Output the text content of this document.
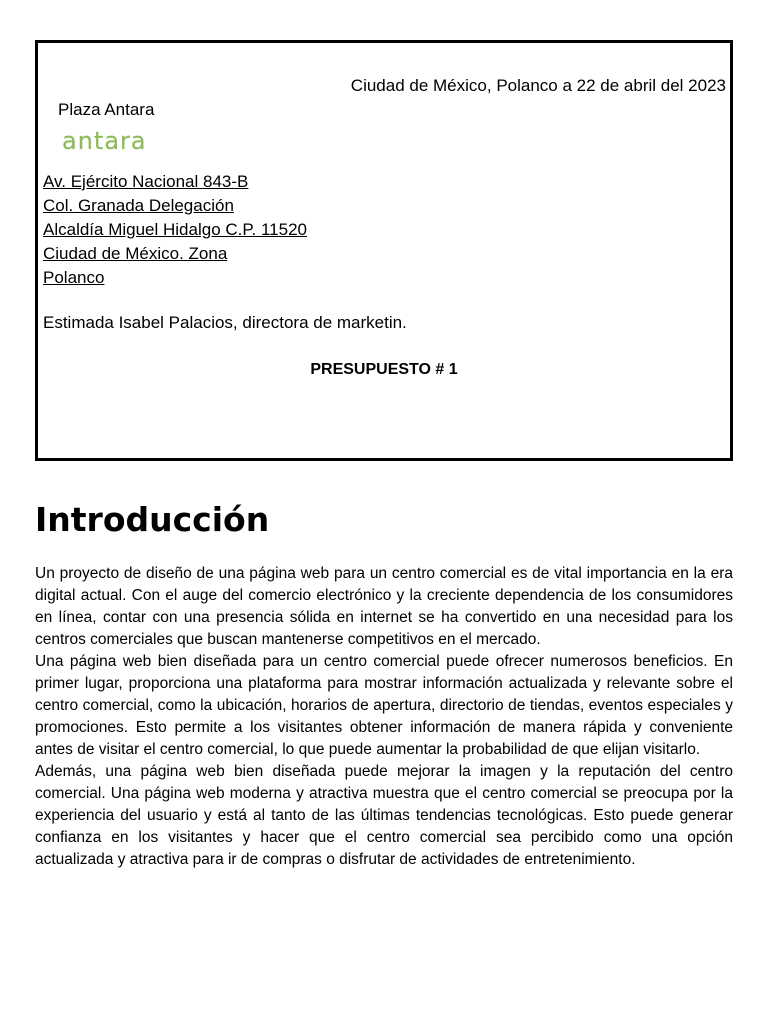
Ciudad de México, Polanco a 22 de abril del 2023
Plaza Antara
antara
Av. Ejército Nacional 843-B
Col. Granada Delegación
Alcaldía Miguel Hidalgo C.P. 11520
Ciudad de México. Zona
Polanco
Estimada Isabel Palacios, directora de marketin.
PRESUPUESTO # 1
Introducción

Un proyecto de diseño de una página web para un centro comercial es de vital importancia en la era digital actual. Con el auge del comercio electrónico y la creciente dependencia de los consumidores en línea, contar con una presencia sólida en internet se ha convertido en una necesidad para los centros comerciales que buscan mantenerse competitivos en el mercado.

Una página web bien diseñada para un centro comercial puede ofrecer numerosos beneficios. En primer lugar, proporciona una plataforma para mostrar información actualizada y relevante sobre el centro comercial, como la ubicación, horarios de apertura, directorio de tiendas, eventos especiales y promociones. Esto permite a los visitantes obtener información de manera rápida y conveniente antes de visitar el centro comercial, lo que puede aumentar la probabilidad de que elijan visitarlo.

Además, una página web bien diseñada puede mejorar la imagen y la reputación del centro comercial. Una página web moderna y atractiva muestra que el centro comercial se preocupa por la experiencia del usuario y está al tanto de las últimas tendencias tecnológicas. Esto puede generar confianza en los visitantes y hacer que el centro comercial sea percibido como una opción actualizada y atractiva para ir de compras o disfrutar de actividades de entretenimiento.
